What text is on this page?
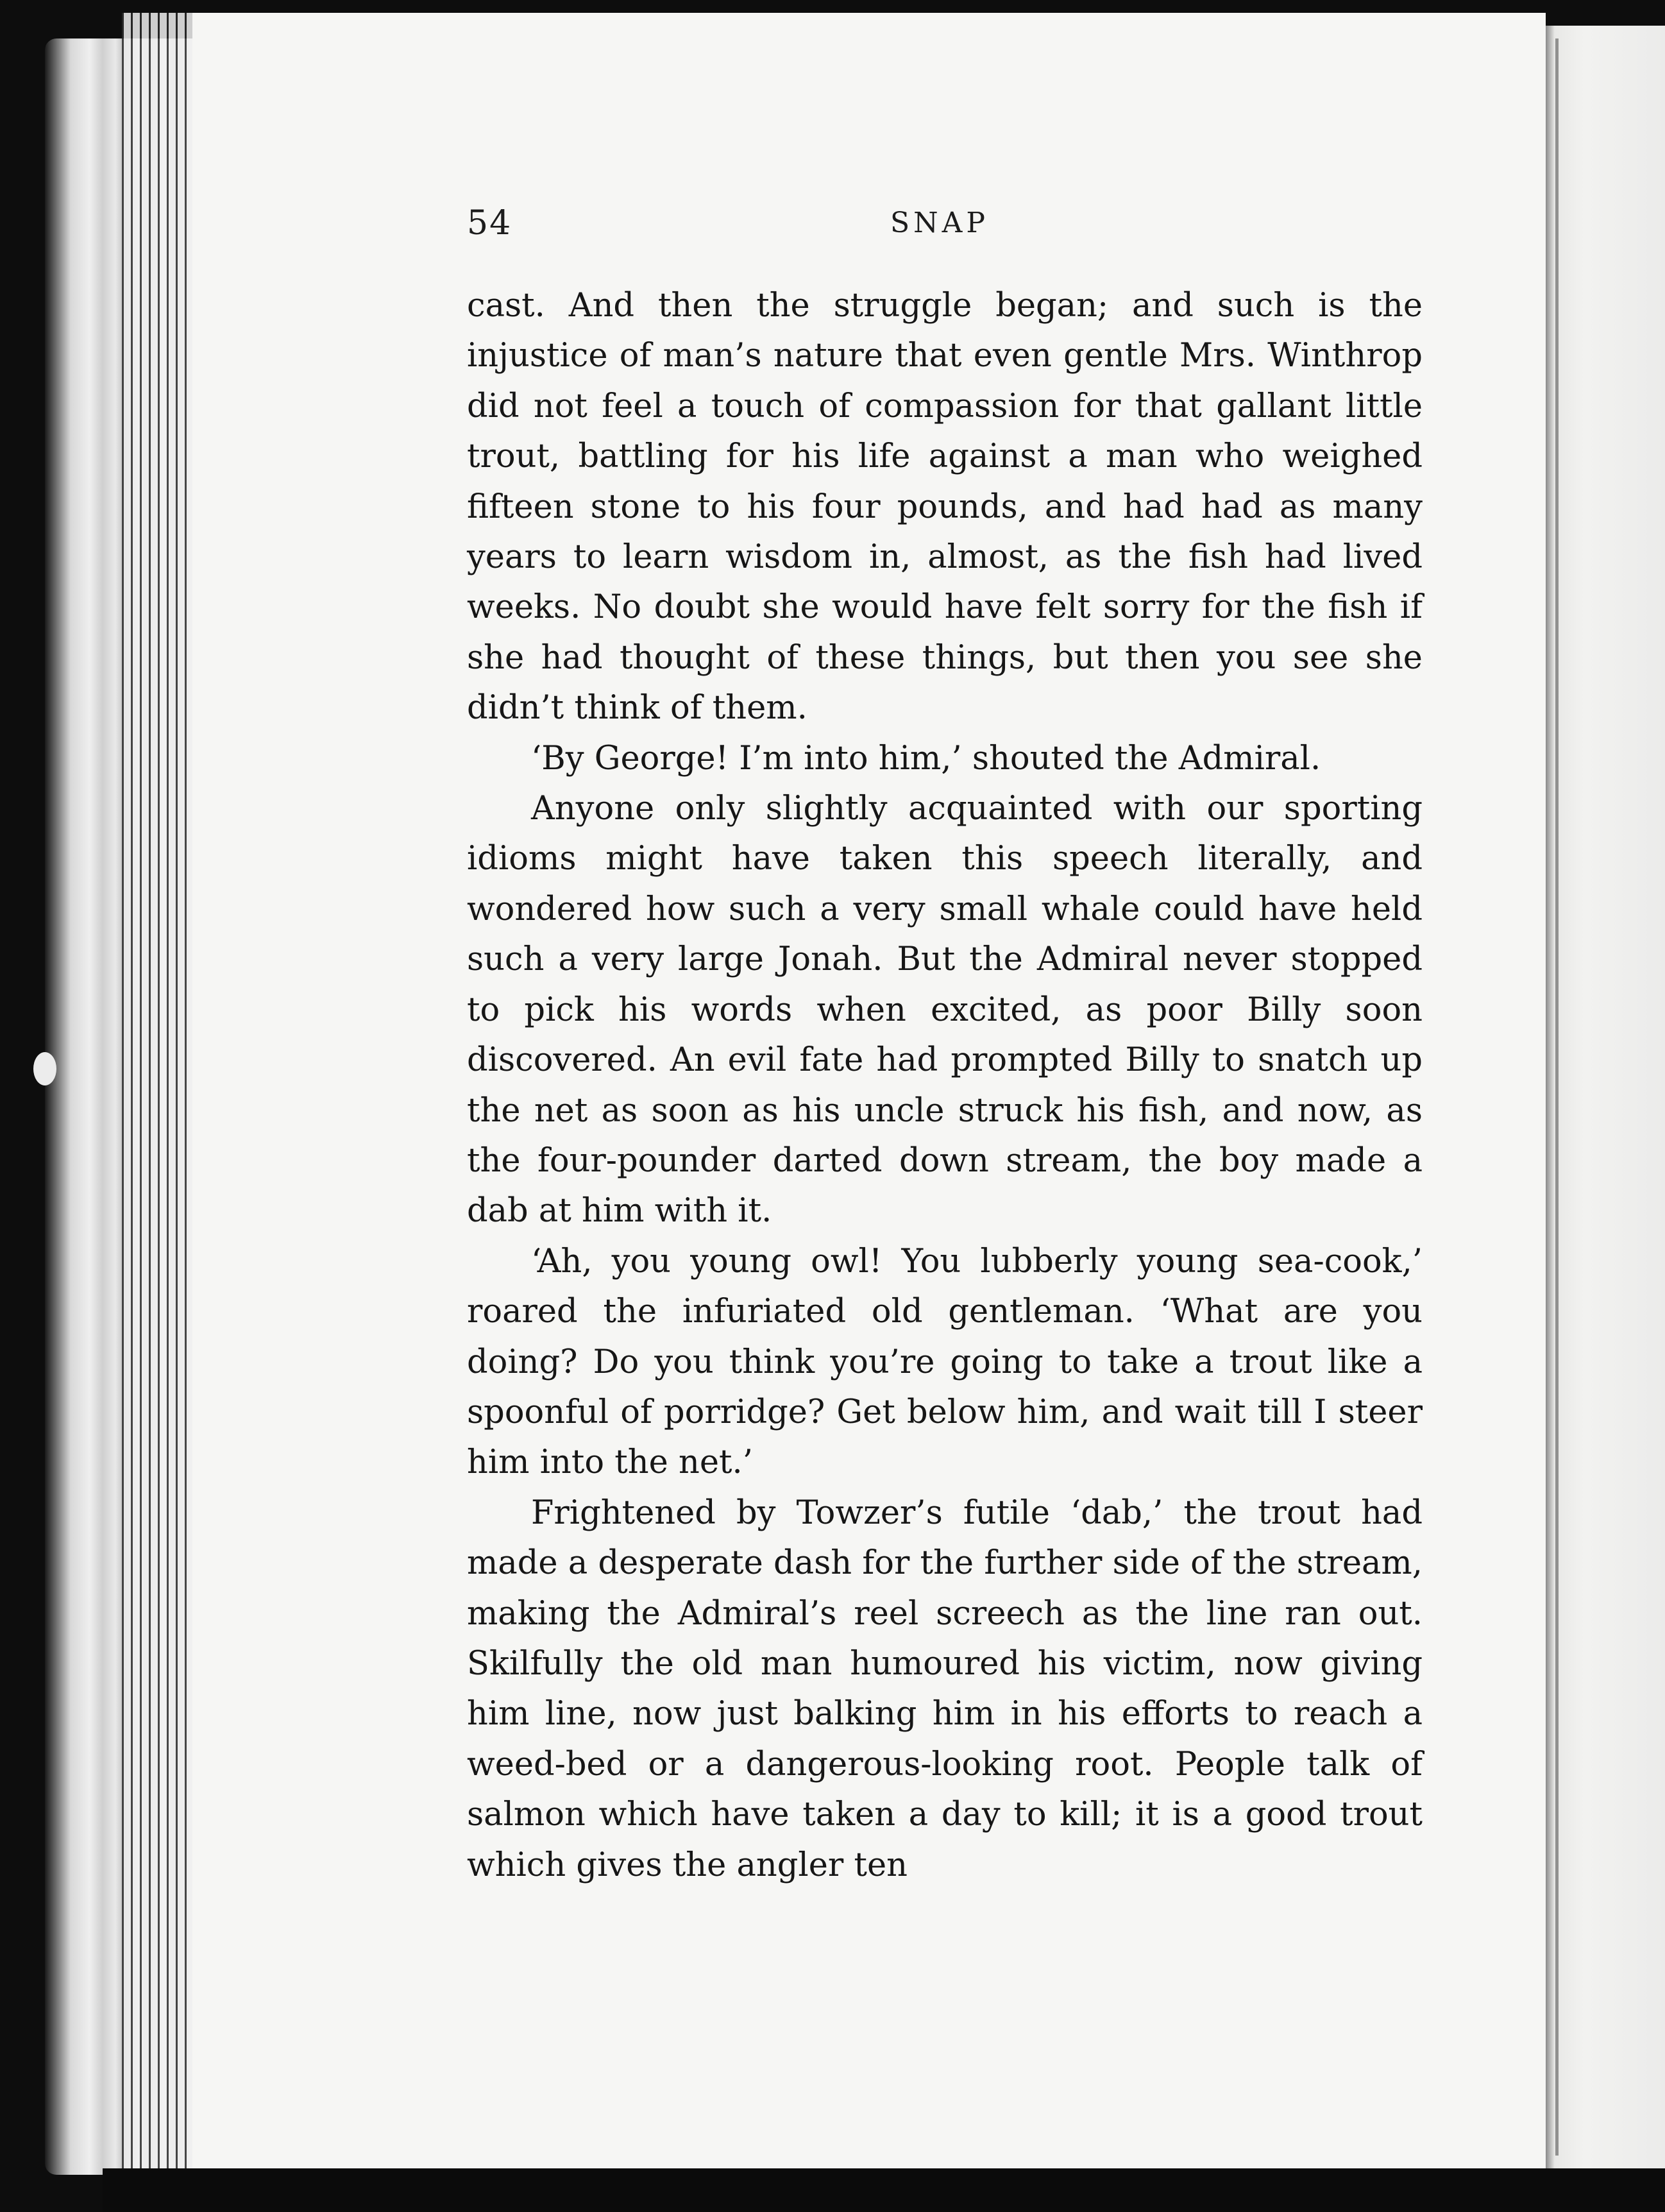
54	SNAP

cast. And then the struggle began; and such is the injustice of man’s nature that even gentle Mrs. Winthrop did not feel a touch of compassion for that gallant little trout, battling for his life against a man who weighed fifteen stone to his four pounds, and had had as many years to learn wisdom in, almost, as the fish had lived weeks. No doubt she would have felt sorry for the fish if she had thought of these things, but then you see she didn’t think of them.

‘By George! I’m into him,’ shouted the Admiral.

Anyone only slightly acquainted with our sporting idioms might have taken this speech literally, and wondered how such a very small whale could have held such a very large Jonah. But the Admiral never stopped to pick his words when excited, as poor Billy soon discovered. An evil fate had prompted Billy to snatch up the net as soon as his uncle struck his fish, and now, as the four-pounder darted down stream, the boy made a dab at him with it.

‘Ah, you young owl! You lubberly young sea-cook,’ roared the infuriated old gentleman. ‘What are you doing? Do you think you’re going to take a trout like a spoonful of porridge? Get below him, and wait till I steer him into the net.’

Frightened by Towzer’s futile ‘dab,’ the trout had made a desperate dash for the further side of the stream, making the Admiral’s reel screech as the line ran out. Skilfully the old man humoured his victim, now giving him line, now just balking him in his efforts to reach a weed-bed or a dangerous-looking root. People talk of salmon which have taken a day to kill; it is a good trout which gives the angler ten
